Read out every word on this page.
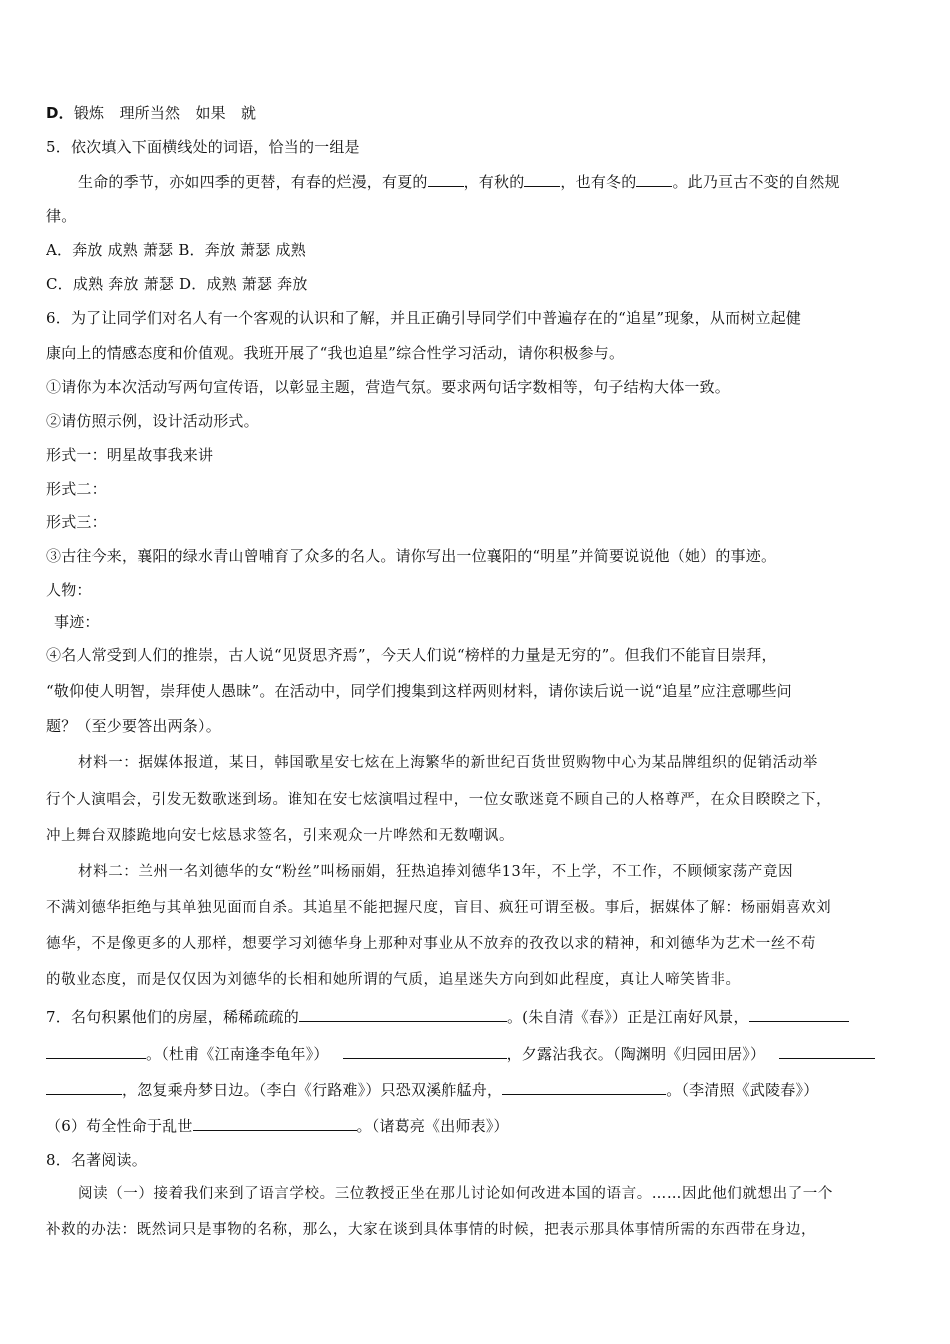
D．锻炼　理所当然　如果　就
5．依次填入下面横线处的词语，恰当的一组是
生命的季节，亦如四季的更替，有春的烂漫，有夏的 ，有秋的 ，也有冬的 。此乃亘古不变的自然规
律。
A．奔放 成熟 萧瑟 B．奔放 萧瑟 成熟
C．成熟 奔放 萧瑟 D．成熟 萧瑟 奔放
6．为了让同学们对名人有一个客观的认识和了解，并且正确引导同学们中普遍存在的“追星”现象，从而树立起健
康向上的情感态度和价值观。我班开展了“我也追星”综合性学习活动，请你积极参与。
①请你为本次活动写两句宣传语，以彰显主题，营造气氛。要求两句话字数相等，句子结构大体一致。
②请仿照示例，设计活动形式。
形式一：明星故事我来讲
形式二：
形式三：
③古往今来，襄阳的绿水青山曾哺育了众多的名人。请你写出一位襄阳的“明星”并简要说说他（她）的事迹。
人物：
事迹：
④名人常受到人们的推崇，古人说“见贤思齐焉”，今天人们说“榜样的力量是无穷的”。但我们不能盲目崇拜，
“敬仰使人明智，崇拜使人愚昧”。在活动中，同学们搜集到这样两则材料，请你读后说一说“追星”应注意哪些问
题？（至少要答出两条）。
材料一：据媒体报道，某日，韩国歌星安七炫在上海繁华的新世纪百货世贸购物中心为某品牌组织的促销活动举
行个人演唱会，引发无数歌迷到场。谁知在安七炫演唱过程中，一位女歌迷竟不顾自己的人格尊严，在众目睽睽之下，
冲上舞台双膝跪地向安七炫恳求签名，引来观众一片哗然和无数嘲讽。
材料二：兰州一名刘德华的女“粉丝”叫杨丽娟，狂热追捧刘德华13年，不上学，不工作，不顾倾家荡产竟因
不满刘德华拒绝与其单独见面而自杀。其追星不能把握尺度，盲目、疯狂可谓至极。事后，据媒体了解：杨丽娟喜欢刘
德华，不是像更多的人那样，想要学习刘德华身上那种对事业从不放弃的孜孜以求的精神，和刘德华为艺术一丝不苟
的敬业态度，而是仅仅因为刘德华的长相和她所谓的气质，追星迷失方向到如此程度，真让人啼笑皆非。
7．名句积累他们的房屋，稀稀疏疏的	。(朱自清《春》）正是江南好风景，
。（杜甫《江南逢李龟年》）	，夕露沾我衣。（陶渊明《归园田居》）
，忽复乘舟梦日边。（李白《行路难》）只恐双溪舴艋舟，	。（李清照《武陵春》）
（6）苟全性命于乱世	。（诸葛亮《出师表》）
8．名著阅读。
阅读（一）接着我们来到了语言学校。三位教授正坐在那儿讨论如何改进本国的语言。……因此他们就想出了一个
补救的办法：既然词只是事物的名称，那么，大家在谈到具体事情的时候，把表示那具体事情所需的东西带在身边，
